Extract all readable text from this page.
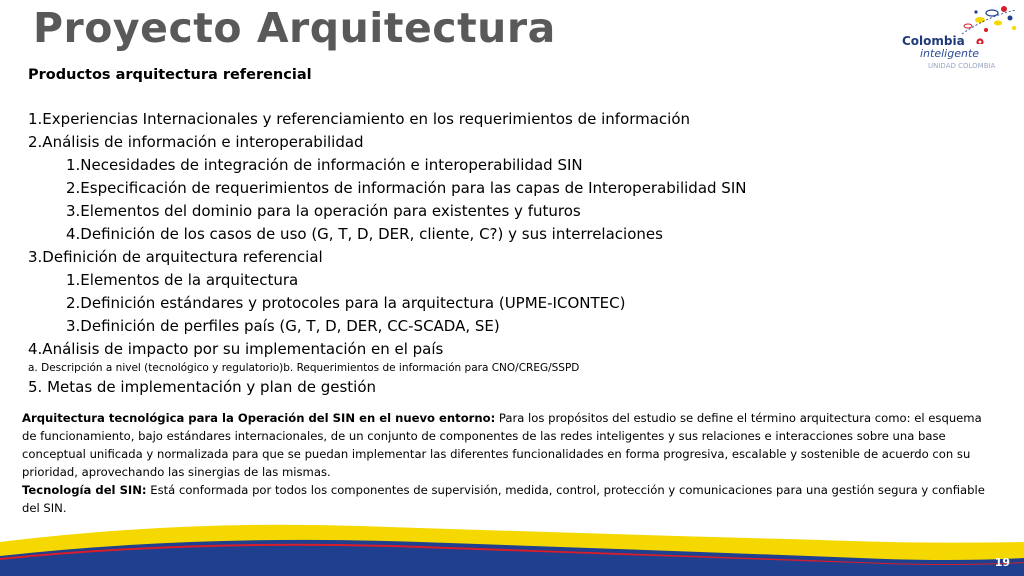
Proyecto Arquitectura	Colombia
inteligente
UNIDAD COLOMBIA
Productos arquitectura referencial
1.Experiencias Internacionales y referenciamiento en los requerimientos de información
2.Análisis de información e interoperabilidad
1.Necesidades de integración de información e interoperabilidad SIN
2.Especificación de requerimientos de información para las capas de Interoperabilidad SIN
3.Elementos del dominio para la operación para existentes y futuros
4.Definición de los casos de uso (G, T, D, DER, cliente, C?) y sus interrelaciones
3.Definición de arquitectura referencial
1.Elementos de la arquitectura
2.Definición estándares y protocoles para la arquitectura (UPME-ICONTEC)
3.Definición de perfiles país (G, T, D, DER, CC-SCADA, SE)
4.Análisis de impacto por su implementación en el país
a. Descripción a nivel (tecnológico y regulatorio)b. Requerimientos de información para CNO/CREG/SSPD
5. Metas de implementación y plan de gestión

Arquitectura tecnológica para la Operación del SIN en el nuevo entorno: Para los propósitos del estudio se define el término arquitectura como: el esquema de funcionamiento, bajo estándares internacionales, de un conjunto de componentes de las redes inteligentes y sus relaciones e interacciones sobre una base conceptual unificada y normalizada para que se puedan implementar las diferentes funcionalidades en forma progresiva, escalable y sostenible de acuerdo con su prioridad, aprovechando las sinergias de las mismas.

Tecnología del SIN: Está conformada por todos los componentes de supervisión, medida, control, protección y comunicaciones para una gestión segura y confiable del SIN.

19
